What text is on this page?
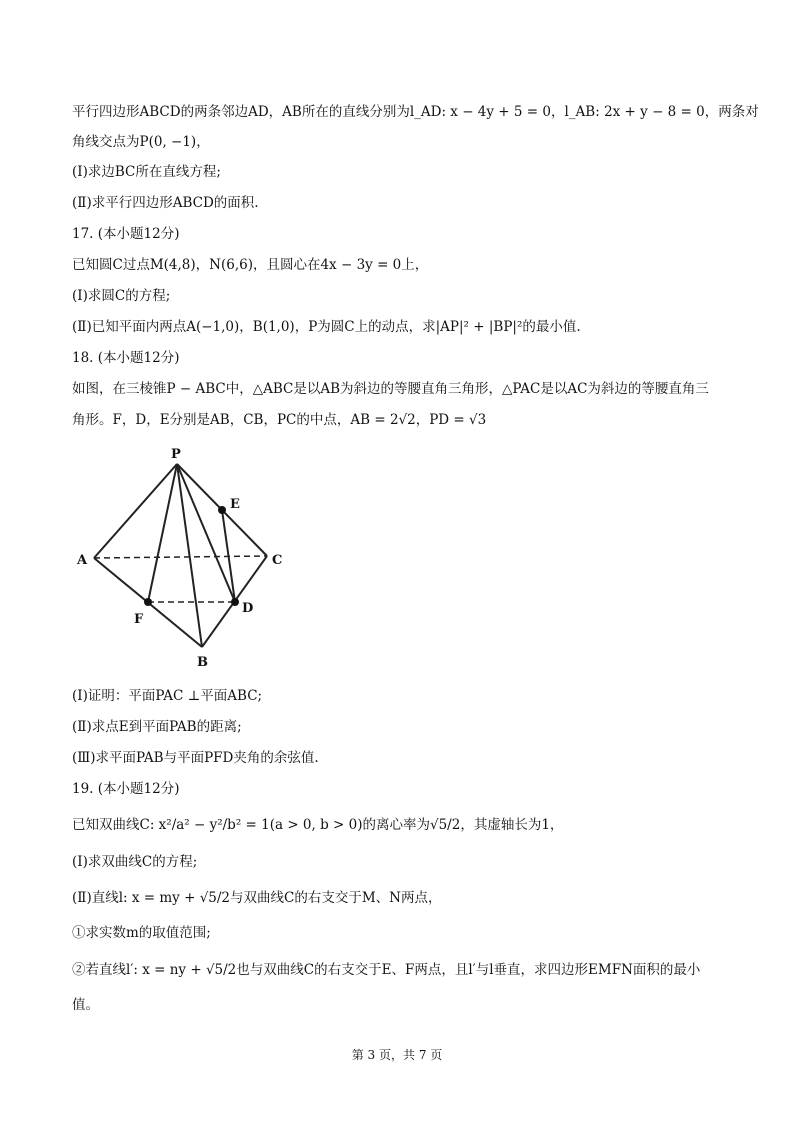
平行四边形ABCD的两条邻边AD，AB所在的直线分别为l_AD: x − 4y + 5 = 0，l_AB: 2x + y − 8 = 0，两条对
角线交点为P(0, −1)，
(Ⅰ)求边BC所在直线方程;
(Ⅱ)求平行四边形ABCD的面积.
17. (本小题12分)
已知圆C过点M(4,8)，N(6,6)，且圆心在4x − 3y = 0上，
(Ⅰ)求圆C的方程;
(Ⅱ)已知平面内两点A(−1,0)，B(1,0)，P为圆C上的动点，求|AP|² + |BP|²的最小值.
18. (本小题12分)
如图，在三棱锥P − ABC中，△ABC是以AB为斜边的等腰直角三角形，△PAC是以AC为斜边的等腰直角三
角形。F，D，E分别是AB，CB，PC的中点，AB = 2√2，PD = √3
P
E
A	C
F
D
B
(Ⅰ)证明：平面PAC ⊥平面ABC;
(Ⅱ)求点E到平面PAB的距离;
(Ⅲ)求平面PAB与平面PFD夹角的余弦值.
19. (本小题12分)
已知双曲线C: x²/a² − y²/b² = 1(a > 0, b > 0)的离心率为√5/2，其虚轴长为1，
(Ⅰ)求双曲线C的方程;
(Ⅱ)直线l: x = my + √5/2与双曲线C的右支交于M、N两点，
①求实数m的取值范围;
②若直线l′: x = ny + √5/2也与双曲线C的右支交于E、F两点，且l′与l垂直，求四边形EMFN面积的最小
值。
第 3 页，共 7 页
